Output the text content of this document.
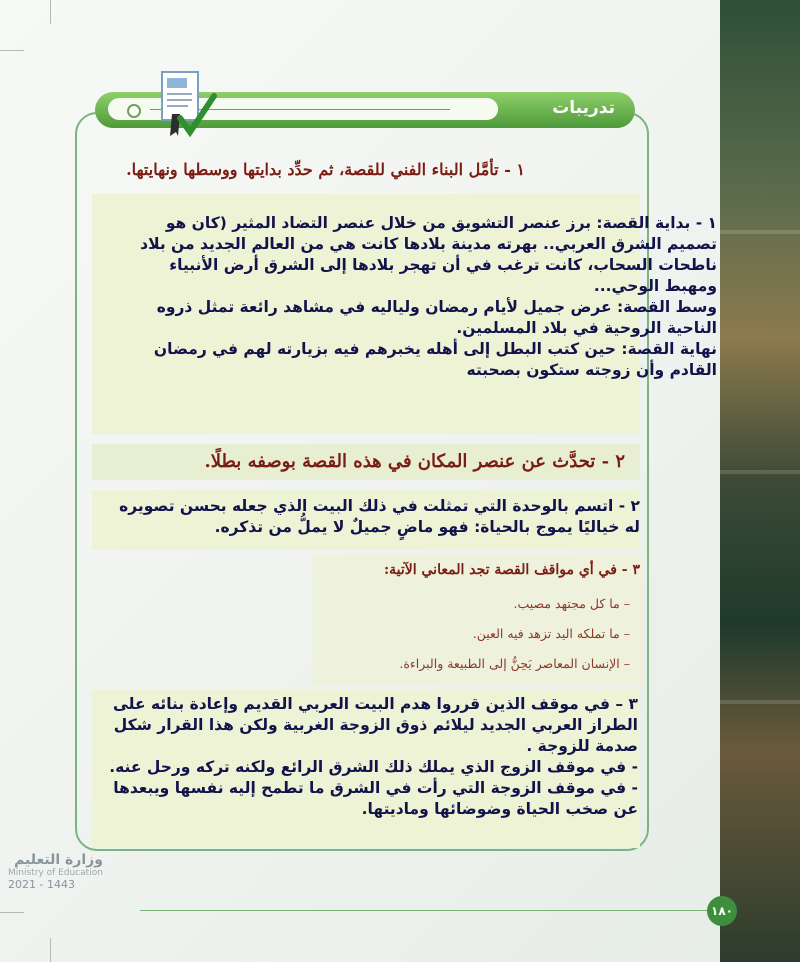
تدريبات
١ - تأمَّل البناء الفني للقصة، ثم حدِّد بدايتها ووسطها ونهايتها.
١ - بداية القصة: برز عنصر التشويق من خلال عنصر التضاد المثير (كان هو
تصميم الشرق العربي.. بهرته مدينة بلادها كانت هي من العالم الجديد من بلاد
ناطحات السحاب، كانت ترغب في أن تهجر بلادها إلى الشرق أرض الأنبياء
ومهبط الوحي...
وسط القصة: عرض جميل لأيام رمضان ولياليه في مشاهد رائعة تمثل ذروه
الناحية الروحية في بلاد المسلمين.
نهاية القصة: حين كتب البطل إلى أهله يخبرهم فيه بزيارته لهم في رمضان
القادم وأن زوجته ستكون بصحبته
٢ - تحدَّث عن عنصر المكان في هذه القصة بوصفه بطلًا.
٢ - اتسم بالوحدة التي تمثلت في ذلك البيت الذي جعله بحسن تصويره
له خياليًا يموج بالحياة: فهو ماضٍ جميلٌ لا يملُّ من تذكره.
٣ - في أي مواقف القصة تجد المعاني الآتية:
– ما كل مجتهد مصيب.
– ما تملكه اليد تزهد فيه العين.
– الإنسان المعاصر يَحِنُّ إلى الطبيعة والبراءة.
٣ – في موقف الذين قرروا هدم البيت العربي القديم وإعادة بنائه على
الطراز العربي الجديد ليلائم ذوق الزوجة الغربية ولكن هذا القرار شكل
صدمة للزوجة .
- في موقف الزوج الذي يملك ذلك الشرق الرائع ولكنه تركه ورحل عنه.
- في موقف الزوجة التي رأت في الشرق ما تطمح إليه نفسها ويبعدها
عن صخب الحياة وضوضائها وماديتها.
وزارة التعليم
Ministry of Education
2021 - 1443
١٨٠
